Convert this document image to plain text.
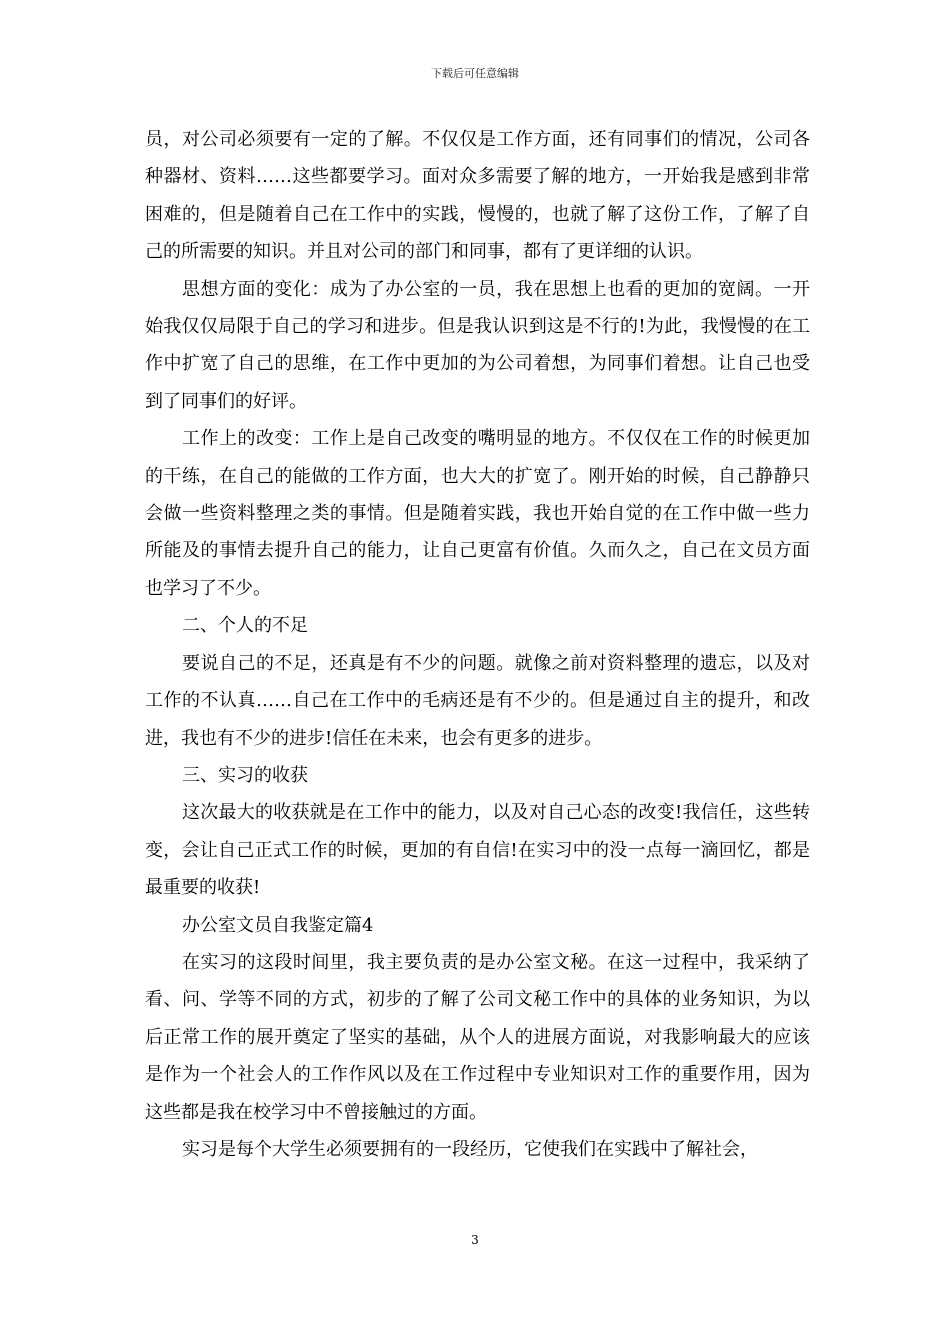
下载后可任意编辑

员，对公司必须要有一定的了解。不仅仅是工作方面，还有同事们的情况，公司各种器材、资料……这些都要学习。面对众多需要了解的地方，一开始我是感到非常困难的，但是随着自己在工作中的实践，慢慢的，也就了解了这份工作，了解了自己的所需要的知识。并且对公司的部门和同事，都有了更详细的认识。

思想方面的变化：成为了办公室的一员，我在思想上也看的更加的宽阔。一开始我仅仅局限于自己的学习和进步。但是我认识到这是不行的!为此，我慢慢的在工作中扩宽了自己的思维，在工作中更加的为公司着想，为同事们着想。让自己也受到了同事们的好评。

工作上的改变：工作上是自己改变的嘴明显的地方。不仅仅在工作的时候更加的干练，在自己的能做的工作方面，也大大的扩宽了。刚开始的时候，自己静静只会做一些资料整理之类的事情。但是随着实践，我也开始自觉的在工作中做一些力所能及的事情去提升自己的能力，让自己更富有价值。久而久之，自己在文员方面也学习了不少。

二、个人的不足

要说自己的不足，还真是有不少的问题。就像之前对资料整理的遗忘，以及对工作的不认真……自己在工作中的毛病还是有不少的。但是通过自主的提升，和改进，我也有不少的进步!信任在未来，也会有更多的进步。

三、实习的收获

这次最大的收获就是在工作中的能力，以及对自己心态的改变!我信任，这些转变，会让自己正式工作的时候，更加的有自信!在实习中的没一点每一滴回忆，都是最重要的收获!

办公室文员自我鉴定篇4

在实习的这段时间里，我主要负责的是办公室文秘。在这一过程中，我采纳了看、问、学等不同的方式，初步的了解了公司文秘工作中的具体的业务知识，为以后正常工作的展开奠定了坚实的基础，从个人的进展方面说，对我影响最大的应该是作为一个社会人的工作作风以及在工作过程中专业知识对工作的重要作用，因为这些都是我在校学习中不曾接触过的方面。

实习是每个大学生必须要拥有的一段经历，它使我们在实践中了解社会，

3
